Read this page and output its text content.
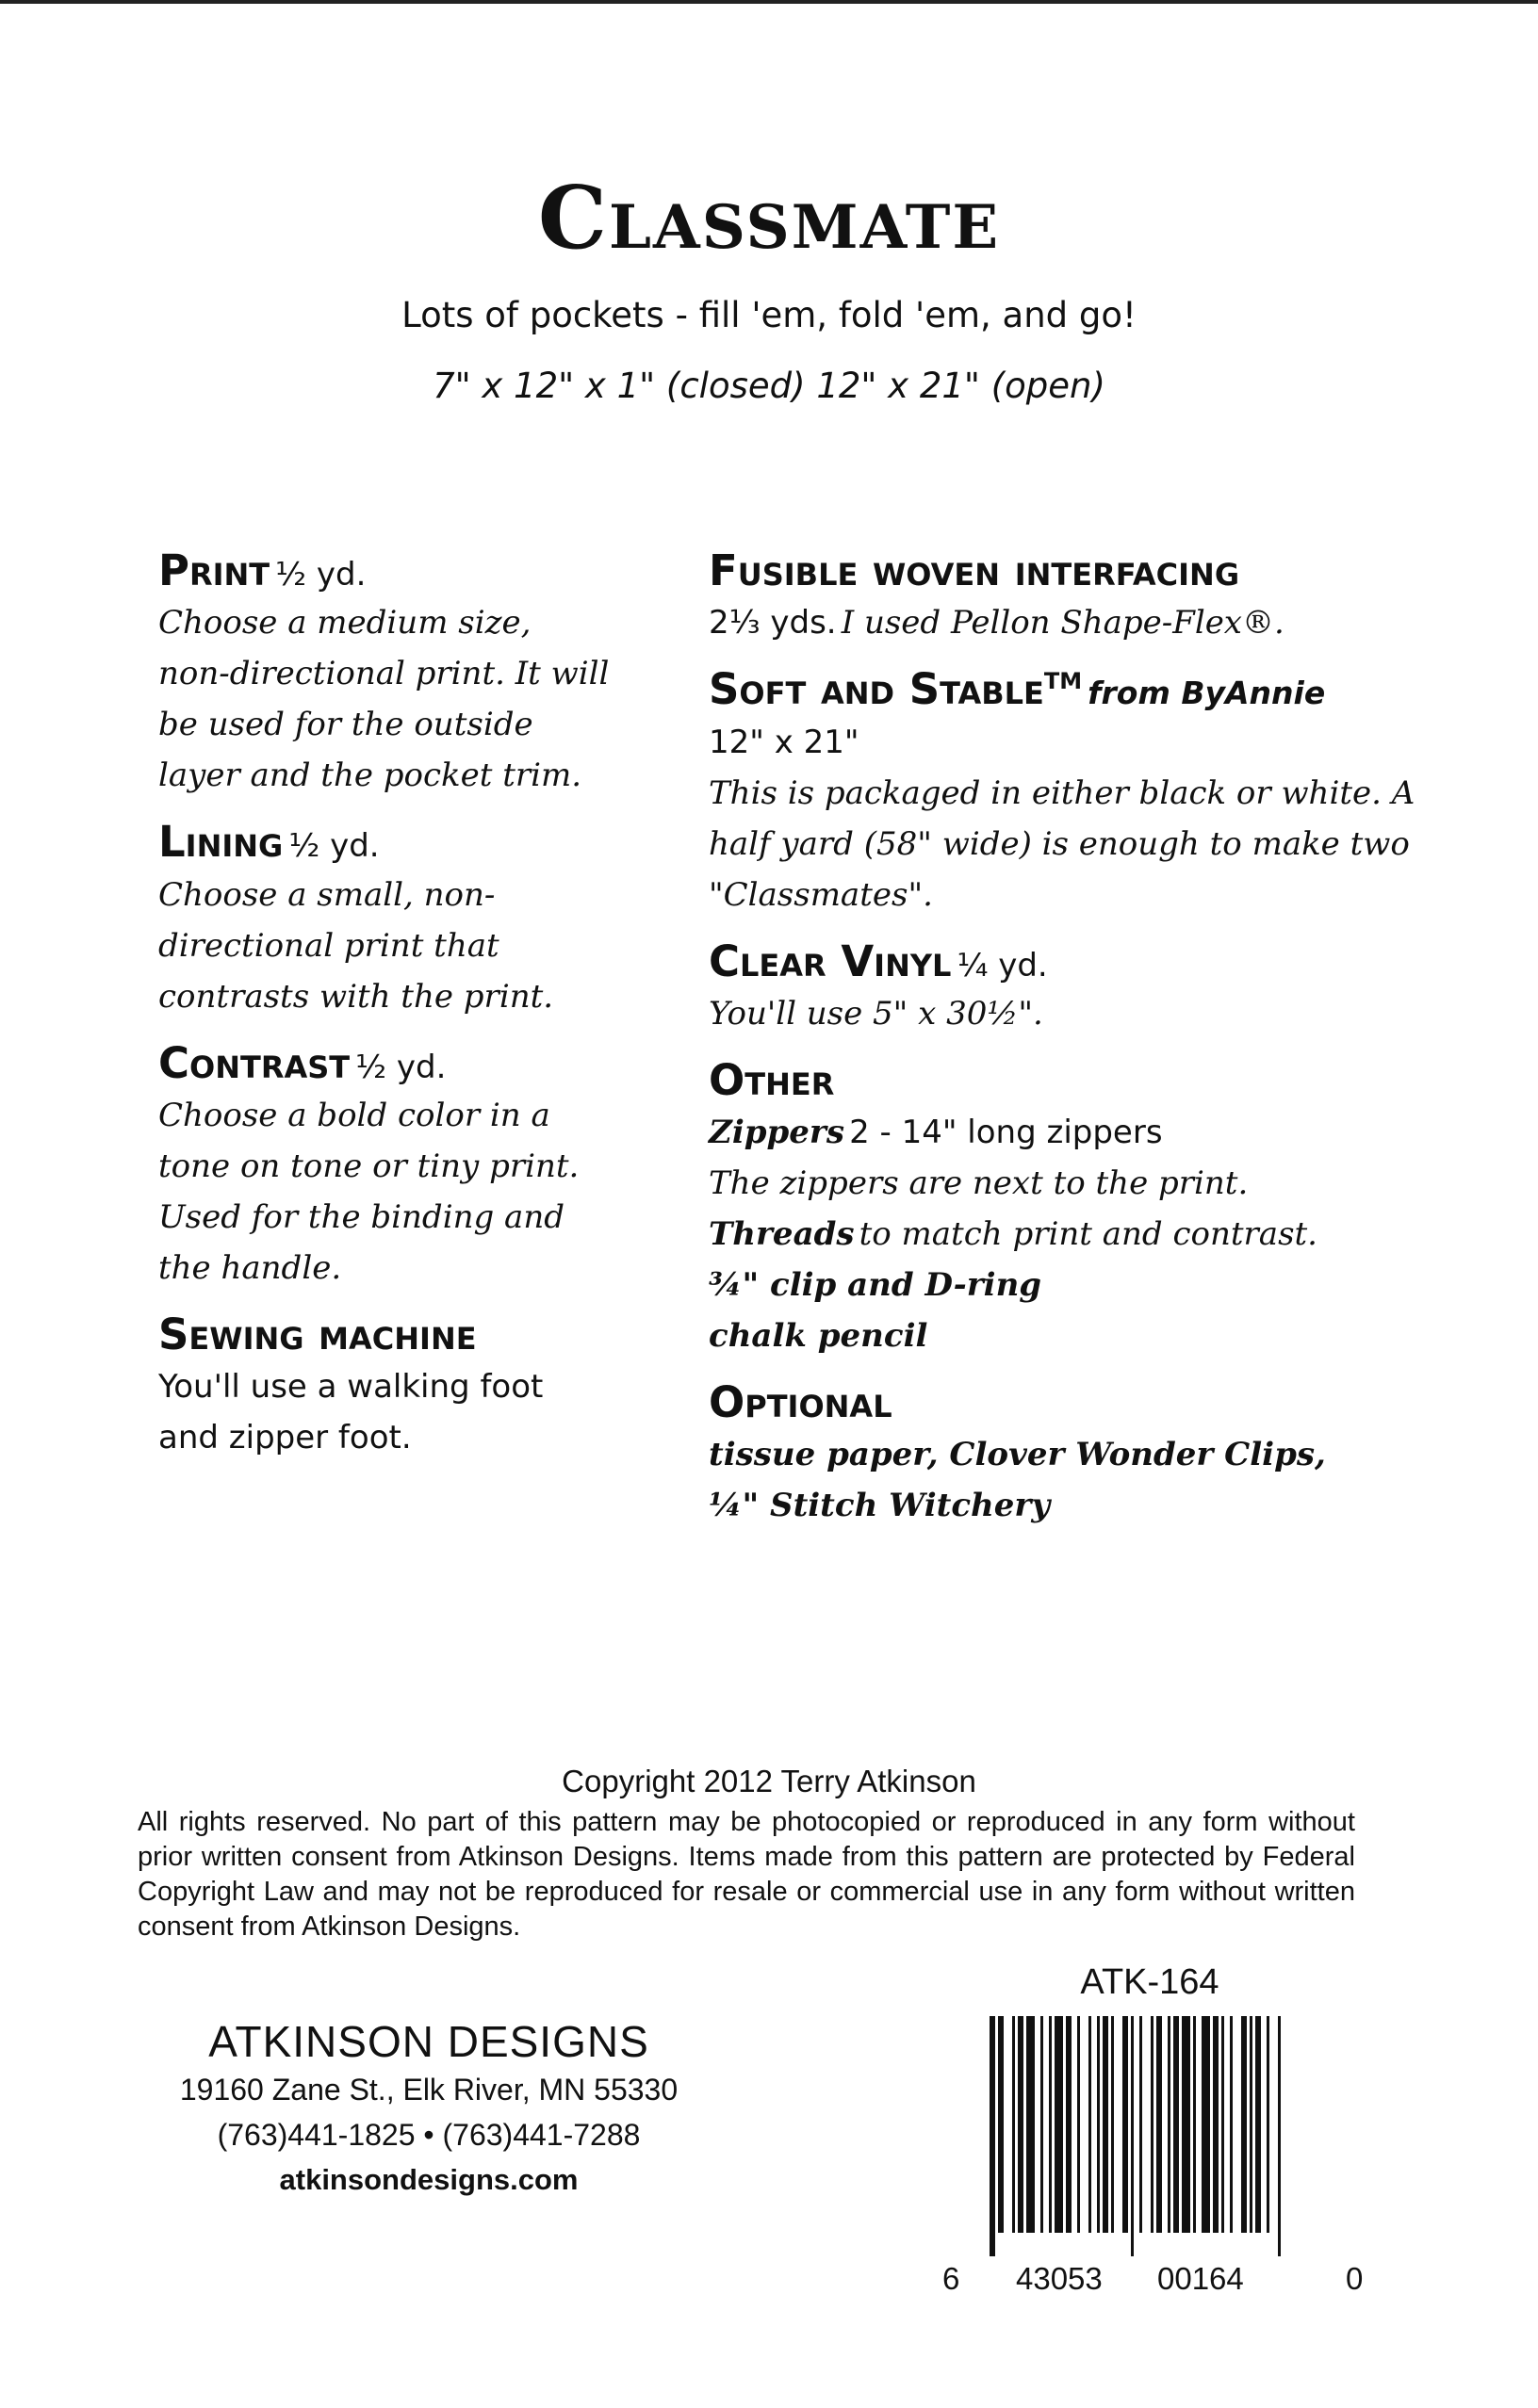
Classmate
Lots of pockets - fill 'em, fold 'em, and go!
7" x 12" x 1" (closed) 12" x 21" (open)
Print ½ yd.
Choose a medium size,
non-directional print. It will
be used for the outside
layer and the pocket trim.
Lining ½ yd.
Choose a small, non-
directional print that
contrasts with the print.
Contrast ½ yd.
Choose a bold color in a
tone on tone or tiny print.
Used for the binding and
the handle.
Sewing machine
You'll use a walking foot
and zipper foot.
Fusible woven interfacing
2⅓ yds. I used Pellon Shape-Flex®.
Soft and Stable™ from ByAnnie
12" x 21"
This is packaged in either black or white. A
half yard (58" wide) is enough to make two
"Classmates".
Clear Vinyl ¼ yd.
You'll use 5" x 30½".
Other
Zippers 2 - 14" long zippers
The zippers are next to the print.
Threads to match print and contrast.
¾" clip and D-ring
chalk pencil
Optional
tissue paper, Clover Wonder Clips,
¼" Stitch Witchery
Copyright 2012 Terry Atkinson
All rights reserved. No part of this pattern may be photocopied or reproduced in any form without prior written consent from Atkinson Designs. Items made from this pattern are protected by Federal Copyright Law and may not be reproduced for resale or commercial use in any form without written consent from Atkinson Designs.
ATKINSON DESIGNS
19160 Zane St., Elk River, MN 55330
(763)441-1825 • (763)441-7288
atkinsondesigns.com
ATK-164
6 43053 00164	0
